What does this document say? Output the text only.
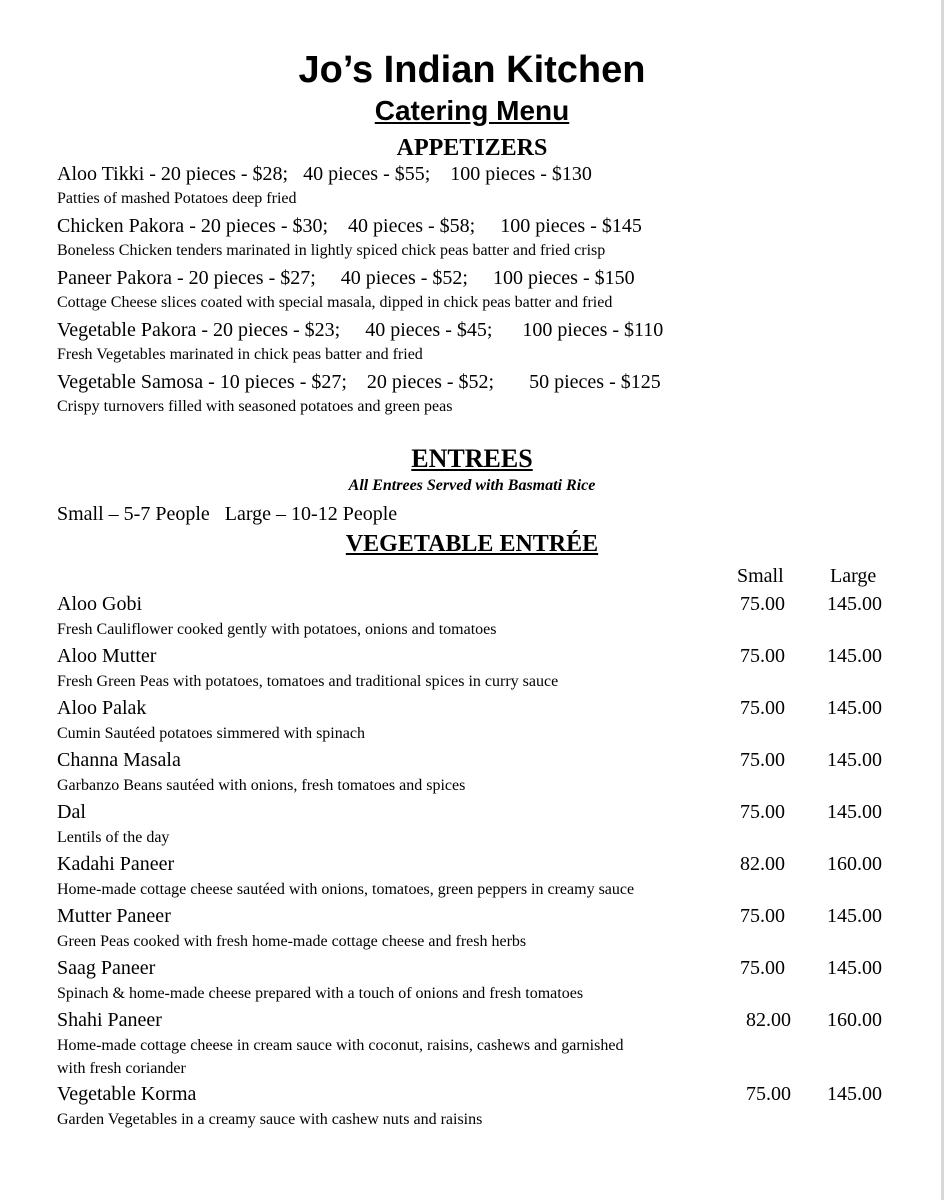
Jo’s Indian Kitchen
Catering Menu
APPETIZERS
Aloo Tikki - 20 pieces - $28;   40 pieces - $55;    100 pieces - $130
Patties of mashed Potatoes deep fried
Chicken Pakora - 20 pieces - $30;    40 pieces - $58;     100 pieces - $145
Boneless Chicken tenders marinated in lightly spiced chick peas batter and fried crisp
Paneer Pakora - 20 pieces - $27;     40 pieces - $52;     100 pieces - $150
Cottage Cheese slices coated with special masala, dipped in chick peas batter and fried
Vegetable Pakora - 20 pieces - $23;     40 pieces - $45;      100 pieces - $110
Fresh Vegetables marinated in chick peas batter and fried
Vegetable Samosa - 10 pieces - $27;    20 pieces - $52;       50 pieces - $125
Crispy turnovers filled with seasoned potatoes and green peas
ENTREES
All Entrees Served with Basmati Rice
Small – 5-7 People   Large – 10-12 People
VEGETABLE ENTRÉE
Small Large
Aloo Gobi
Fresh Cauliflower cooked gently with potatoes, onions and tomatoes
75.00	145.00
Aloo Mutter
Fresh Green Peas with potatoes, tomatoes and traditional spices in curry sauce
75.00	145.00
Aloo Palak
Cumin Sautéed potatoes simmered with spinach
75.00	145.00
Channa Masala
Garbanzo Beans sautéed with onions, fresh tomatoes and spices
75.00	145.00
Dal
Lentils of the day
75.00	145.00
Kadahi Paneer
Home-made cottage cheese sautéed with onions, tomatoes, green peppers in creamy sauce
82.00	160.00
Mutter Paneer
Green Peas cooked with fresh home-made cottage cheese and fresh herbs
75.00	145.00
Saag Paneer
Spinach & home-made cheese prepared with a touch of onions and fresh tomatoes
75.00	145.00
Shahi Paneer
Home-made cottage cheese in cream sauce with coconut, raisins, cashews and garnished with fresh coriander
82.00	160.00
Vegetable Korma
Garden Vegetables in a creamy sauce with cashew nuts and raisins
75.00	145.00
